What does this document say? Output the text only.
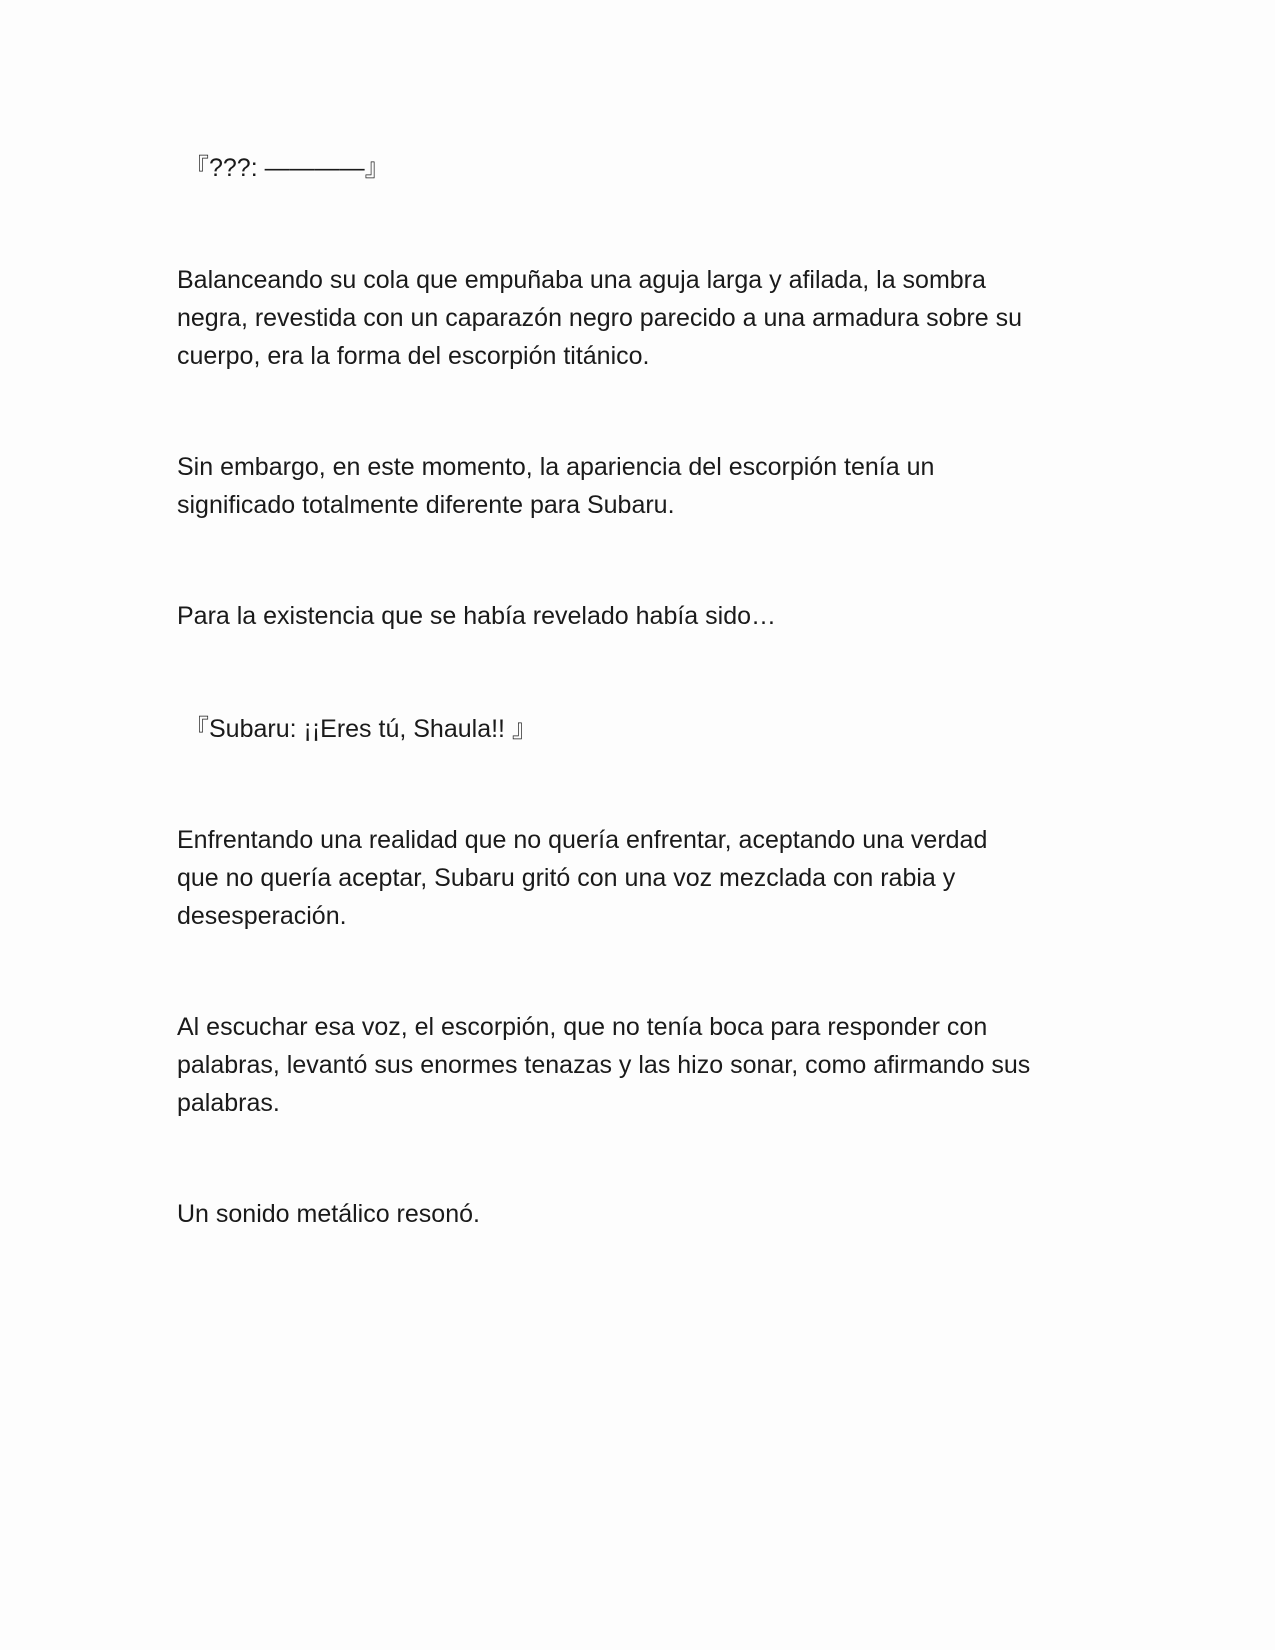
『???: ————』

Balanceando su cola que empuñaba una aguja larga y afilada, la sombra

negra, revestida con un caparazón negro parecido a una armadura sobre su

cuerpo, era la forma del escorpión titánico.

Sin embargo, en este momento, la apariencia del escorpión tenía un

significado totalmente diferente para Subaru.

Para la existencia que se había revelado había sido…

『Subaru: ¡¡Eres tú, Shaula!! 』

Enfrentando una realidad que no quería enfrentar, aceptando una verdad

que no quería aceptar, Subaru gritó con una voz mezclada con rabia y

desesperación.

Al escuchar esa voz, el escorpión, que no tenía boca para responder con

palabras, levantó sus enormes tenazas y las hizo sonar, como afirmando sus

palabras.

Un sonido metálico resonó.
